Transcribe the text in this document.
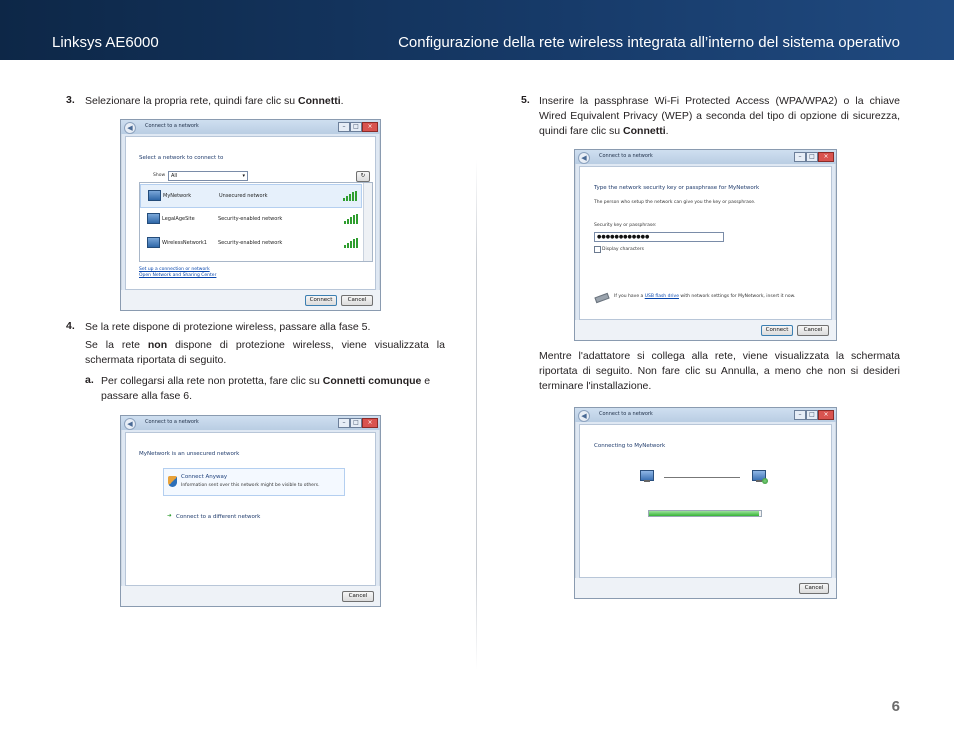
Linksys AE6000	Configurazione della rete wireless integrata all’interno del sistema operativo
3. Selezionare la propria rete, quindi fare clic su Connetti.
◀	Connect to a network	–	□	×
Select a network to connect to
Show	All	▾	↻
MyNetwork	Unsecured network
LegalAgeSite	Security-enabled network
WirelessNetwork1 Security-enabled network
Set up a connection or network
Open Network and Sharing Center
Connect	Cancel
4. Se la rete dispone di protezione wireless, passare alla fase 5.
Se la rete non dispone di protezione wireless, viene visualizzata la schermata riportata di seguito.
a. Per collegarsi alla rete non protetta, fare clic su Connetti comunque e passare alla fase 6.
◀	Connect to a network	–	□	×
MyNetwork is an unsecured network
Connect Anyway
Information sent over this network might be visible to others.
➜ Connect to a different network
Cancel
5. Inserire la passphrase Wi-Fi Protected Access (WPA/WPA2) o la chiave Wired Equivalent Privacy (WEP) a seconda del tipo di opzione di sicurezza, quindi fare clic su Connetti.
◀	Connect to a network	–	□	×
Type the network security key or passphrase for MyNetwork
The person who setup the network can give you the key or passphrase.
Security key or passphrase:
●●●●●●●●●●●●
Display characters
If you have a USB flash drive with network settings for MyNetwork, insert it now.
Connect	Cancel
Mentre l'adattatore si collega alla rete, viene visualizzata la schermata riportata di seguito. Non fare clic su Annulla, a meno che non si desideri terminare l'installazione.
◀	Connect to a network	–	□	×
Connecting to MyNetwork
Cancel
6
